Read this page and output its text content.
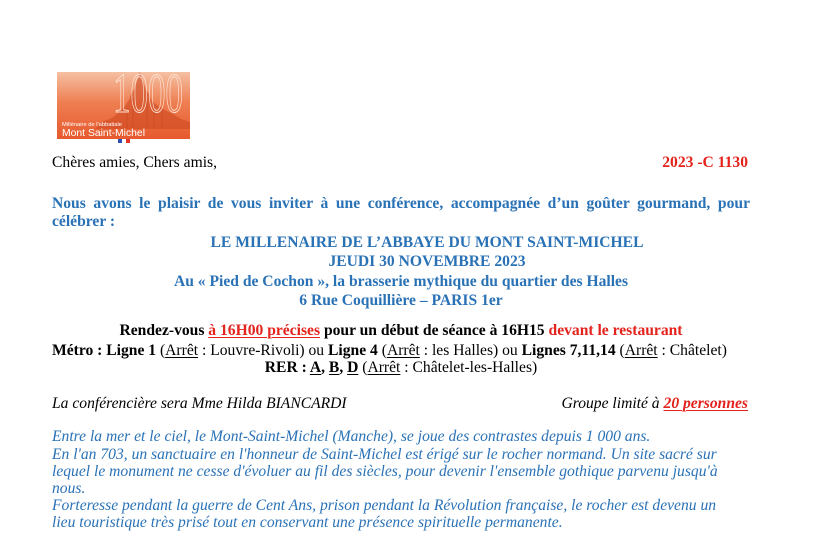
1000
Millénaire de l'abbatiale
Mont Saint-Michel
Chères amies, Chers amis,	2023 -C 1130
Nous avons le plaisir de vous inviter à une conférence, accompagnée d’un goûter gourmand, pour
célébrer :
LE MILLENAIRE DE L’ABBAYE DU MONT SAINT-MICHEL
JEUDI 30 NOVEMBRE 2023
Au « Pied de Cochon », la brasserie mythique du quartier des Halles
6 Rue Coquillière – PARIS 1er
Rendez-vous à 16H00 précises pour un début de séance à 16H15 devant le restaurant
Métro : Ligne 1 (Arrêt : Louvre-Rivoli) ou Ligne 4 (Arrêt : les Halles) ou Lignes 7,11,14 (Arrêt : Châtelet)
RER : A, B, D (Arrêt : Châtelet-les-Halles)
La conférencière sera Mme Hilda BIANCARDI	Groupe limité à 20 personnes
Entre la mer et le ciel, le Mont-Saint-Michel (Manche), se joue des contrastes depuis 1 000 ans.
En l'an 703, un sanctuaire en l'honneur de Saint-Michel est érigé sur le rocher normand. Un site sacré sur
lequel le monument ne cesse d'évoluer au fil des siècles, pour devenir l'ensemble gothique parvenu jusqu'à
nous.
Forteresse pendant la guerre de Cent Ans, prison pendant la Révolution française, le rocher est devenu un
lieu touristique très prisé tout en conservant une présence spirituelle permanente.
